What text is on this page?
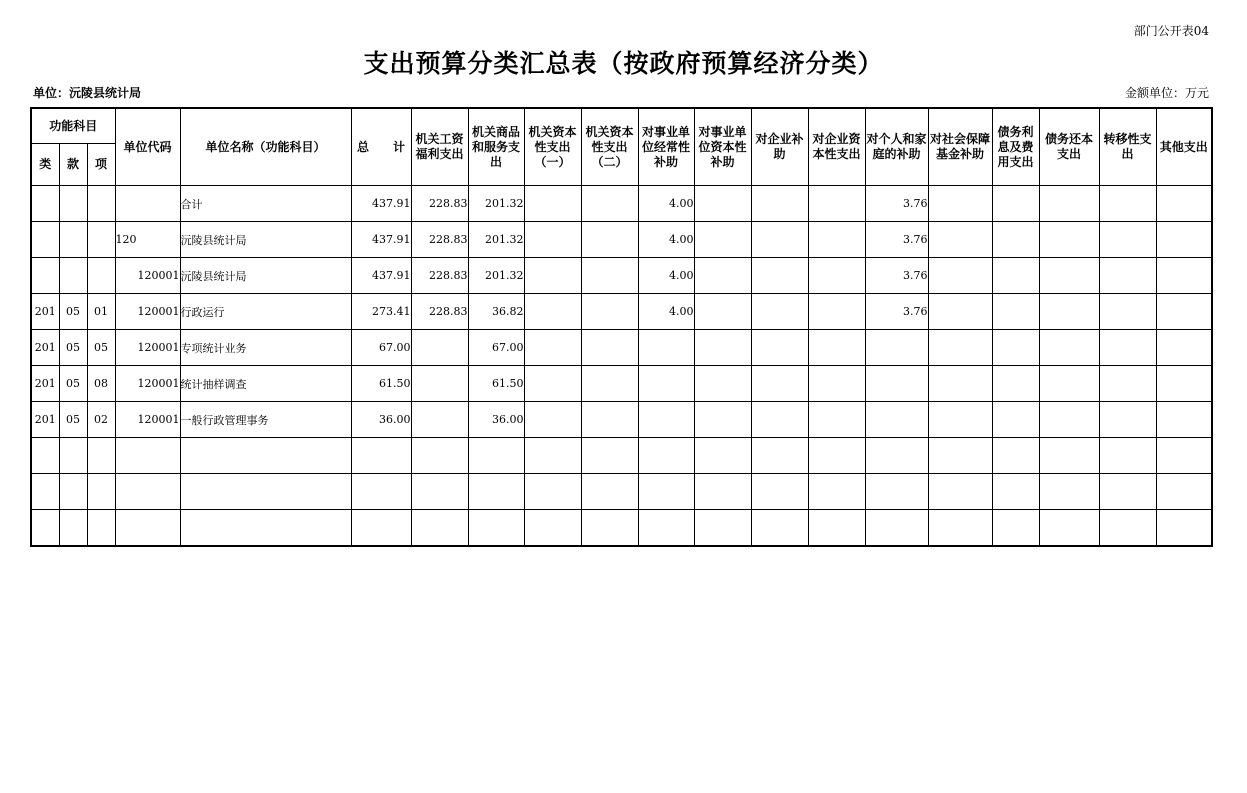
部门公开表04
支出预算分类汇总表（按政府预算经济分类）
单位：沅陵县统计局	金额单位：万元
功能科目			单位代码	单位名称（功能科目）	总　　计	机关工资福利支出	机关商品和服务支出	机关资本性支出（一）	机关资本性支出（二）	对事业单位经常性补助	对事业单位资本性补助	对企业补助	对企业资本性支出	对个人和家庭的补助	对社会保障基金补助	债务利息及费用支出	债务还本支出	转移性支出	其他支出
类	款	项																	
				合计	437.91	228.83	201.32			4.00				3.76					
			120	沅陵县统计局	437.91	228.83	201.32			4.00				3.76					
			120001	沅陵县统计局	437.91	228.83	201.32			4.00				3.76					
201	05	01	120001	行政运行	273.41	228.83	36.82			4.00				3.76					
201	05	05	120001	专项统计业务	67.00		67.00												
201	05	08	120001	统计抽样调查	61.50		61.50												
201	05	02	120001	一般行政管理事务	36.00		36.00												
